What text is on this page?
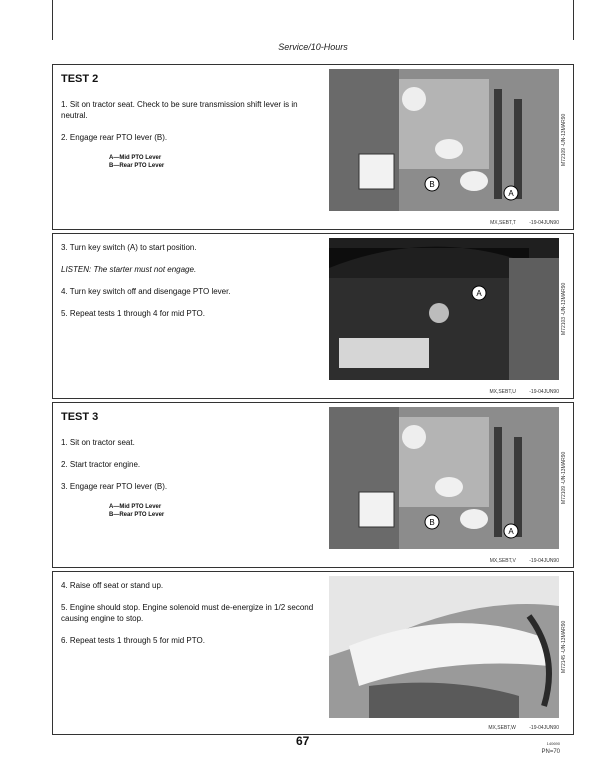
Service/10-Hours
TEST 2

1. Sit on tractor seat. Check to be sure transmission shift lever is in neutral.

2. Engage rear PTO lever (B).

A—Mid PTO Lever
B—Rear PTO Lever
B
A
M72109 -UN-13MAR90
MX,SEBT,T	-19-04JUN90

3. Turn key switch (A) to start position.

LISTEN: The starter must not engage.

4. Turn key switch off and disengage PTO lever.

5. Repeat tests 1 through 4 for mid PTO.

A
M72103 -UN-13MAR90
MX,SEBT,U	-19-04JUN90
TEST 3

1. Sit on tractor seat.

2. Start tractor engine.

3. Engage rear PTO lever (B).

A—Mid PTO Lever
B—Rear PTO Lever
B
A
M72109 -UN-13MAR90
MX,SEBT,V	-19-04JUN90

4. Raise off seat or stand up.

5. Engine should stop. Engine solenoid must de-energize in 1/2 second causing engine to stop.

6. Repeat tests 1 through 5 for mid PTO.

M72145 -UN-13MAR90
MX,SEBT,W	-19-04JUN90
67	140690
PN=70
